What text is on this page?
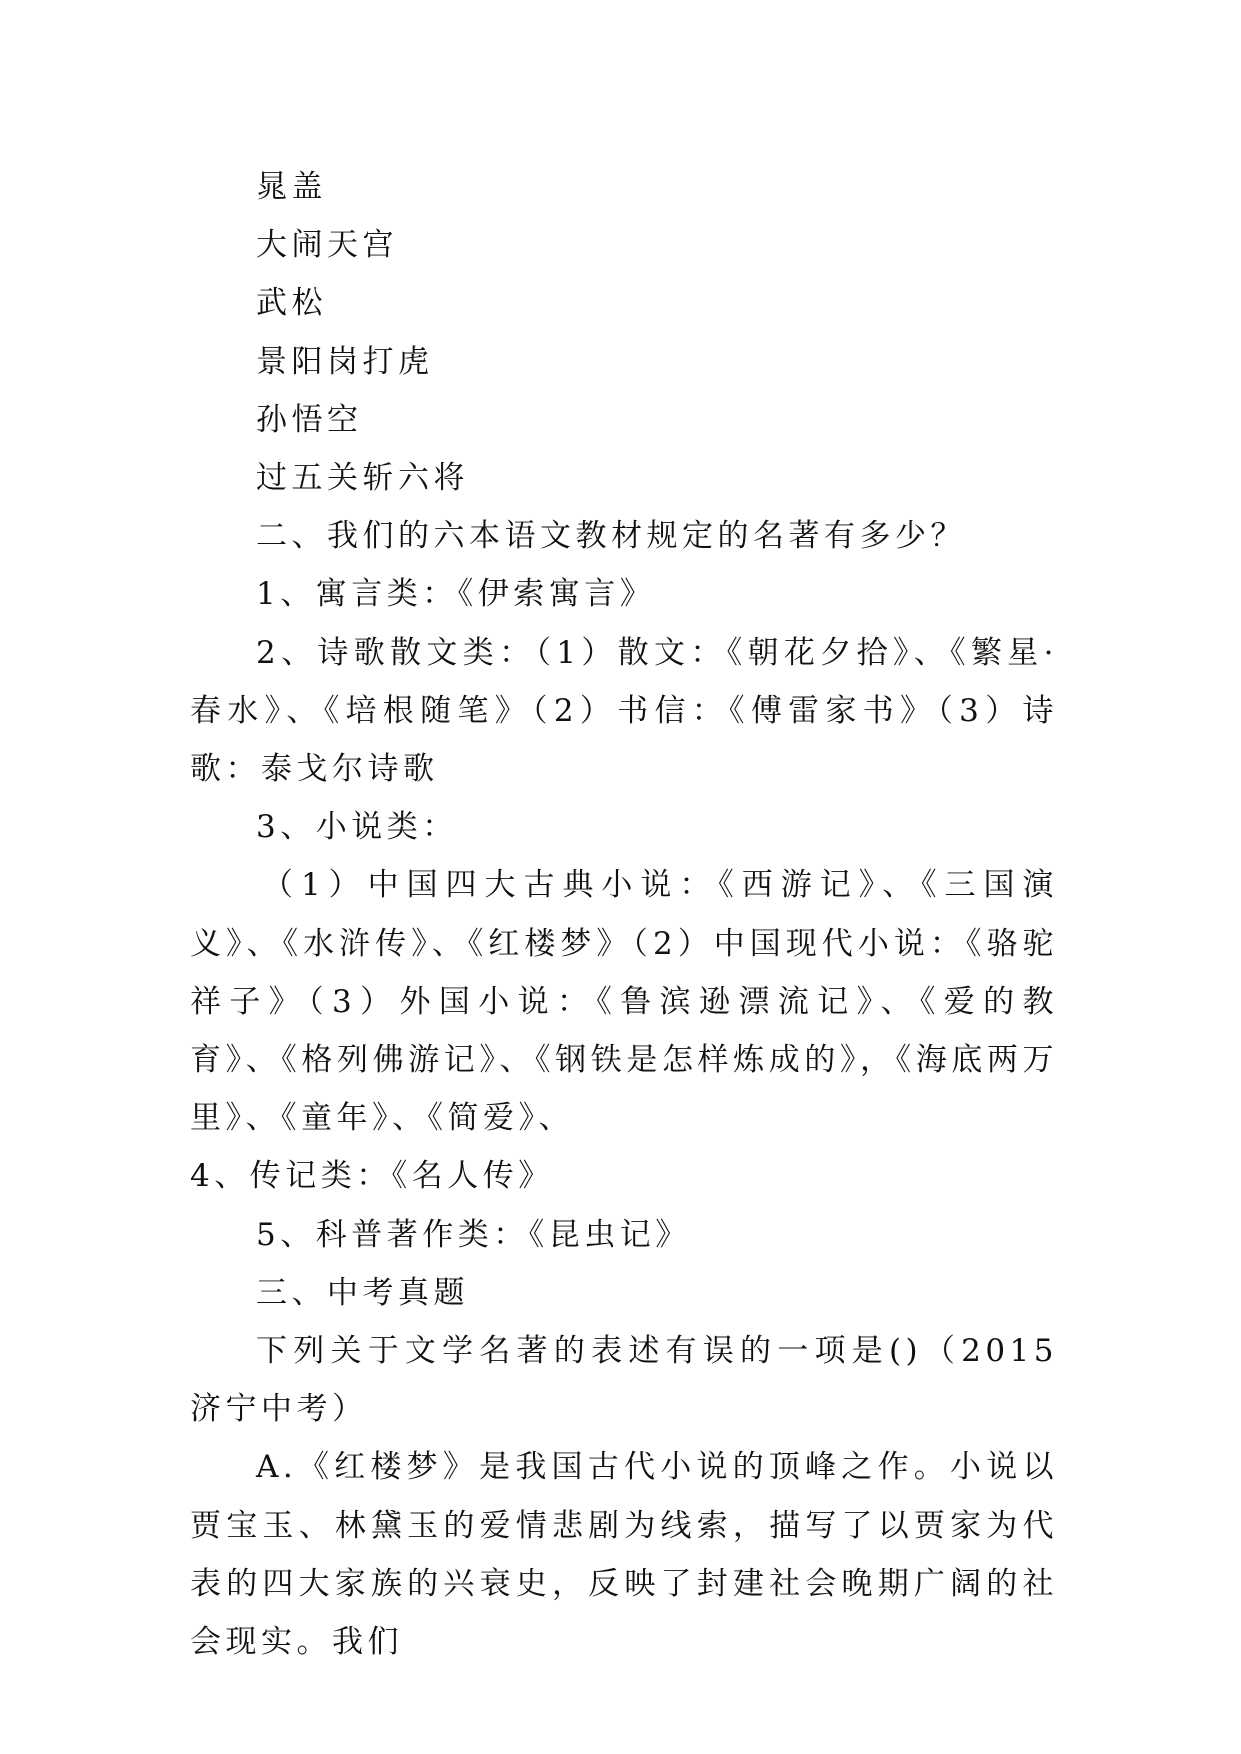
晁盖

大闹天宫

武松

景阳岗打虎

孙悟空

过五关斩六将

二、我们的六本语文教材规定的名著有多少？

1、寓言类：《伊索寓言》

2、诗歌散文类：（1）散文：《朝花夕拾》、《繁星·春水》、《培根随笔》（2）书信：《傅雷家书》（3）诗歌：泰戈尔诗歌

3、小说类：

（1）中国四大古典小说：《西游记》、《三国演义》、《水浒传》、《红楼梦》（2）中国现代小说：《骆驼祥子》（3）外国小说：《鲁滨逊漂流记》、《爱的教育》、《格列佛游记》、《钢铁是怎样炼成的》，《海底两万里》、《童年》、《简爱》、

4、传记类：《名人传》

5、科普著作类：《昆虫记》

三、中考真题

下列关于文学名著的表述有误的一项是()（2015济宁中考）

A.《红楼梦》是我国古代小说的顶峰之作。小说以贾宝玉、林黛玉的爱情悲剧为线索，描写了以贾家为代表的四大家族的兴衰史，反映了封建社会晚期广阔的社会现实。我们
